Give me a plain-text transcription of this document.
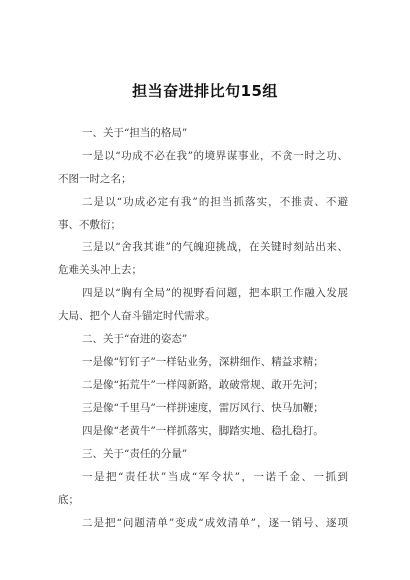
担当奋进排比句15组
一、关于“担当的格局”
一是以“功成不必在我”的境界谋事业，不贪一时之功、
不图一时之名；
二是以“功成必定有我”的担当抓落实，不推责、不避
事、不敷衍；
三是以“舍我其谁”的气魄迎挑战，在关键时刻站出来、
危难关头冲上去；
四是以“胸有全局”的视野看问题，把本职工作融入发展
大局、把个人奋斗锚定时代需求。
二、关于“奋进的姿态”
一是像“钉钉子”一样钻业务，深耕细作、精益求精；
二是像“拓荒牛”一样闯新路，敢破常规、敢开先河；
三是像“千里马”一样拼速度，雷厉风行、快马加鞭；
四是像“老黄牛”一样抓落实，脚踏实地、稳扎稳打。
三、关于“责任的分量”
一是把“责任状”当成“军令状”，一诺千金、一抓到
底；
二是把“问题清单”变成“成效清单”，逐一销号、逐项
